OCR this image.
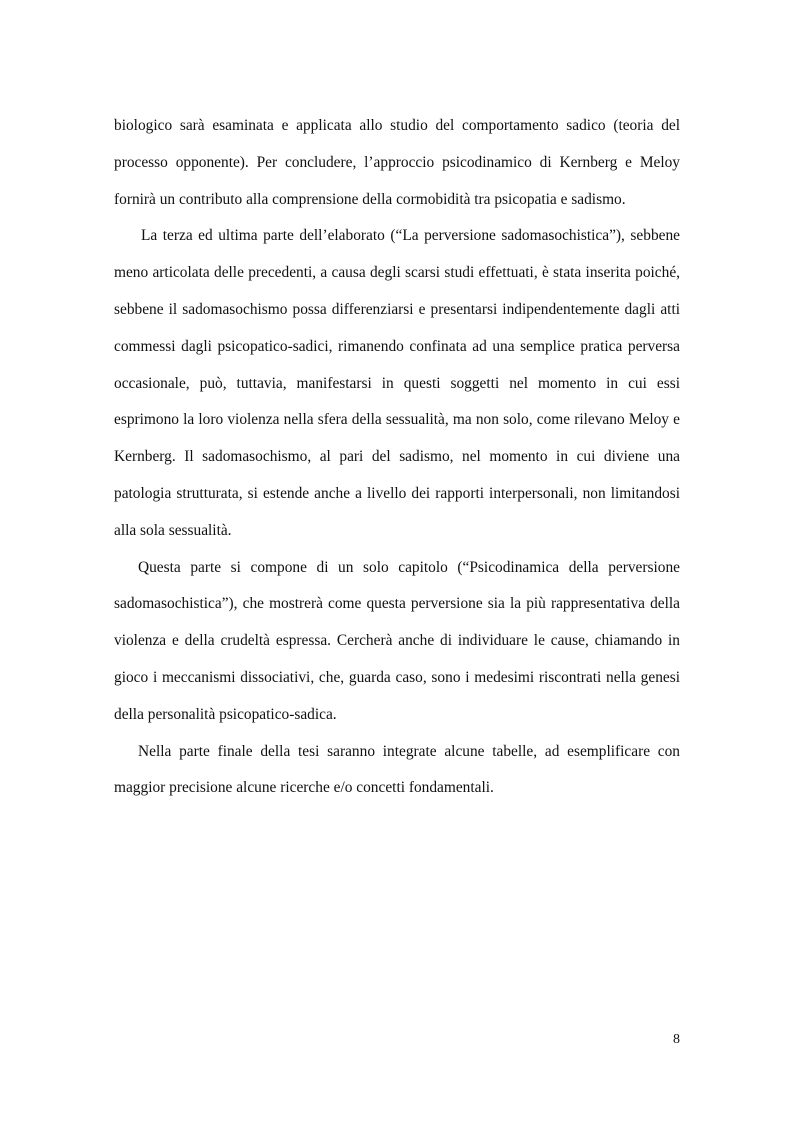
biologico sarà esaminata e applicata allo studio del comportamento sadico (teoria del processo opponente). Per concludere, l’approccio psicodinamico di Kernberg e Meloy fornirà un contributo alla comprensione della cormobidità tra psicopatia e sadismo.

La terza ed ultima parte dell’elaborato (“La perversione sadomasochistica”), sebbene meno articolata delle precedenti, a causa degli scarsi studi effettuati, è stata inserita poiché, sebbene il sadomasochismo possa differenziarsi e presentarsi indipendentemente dagli atti commessi dagli psicopatico-sadici, rimanendo confinata ad una semplice pratica perversa occasionale, può, tuttavia, manifestarsi in questi soggetti nel momento in cui essi esprimono la loro violenza nella sfera della sessualità, ma non solo, come rilevano Meloy e Kernberg. Il sadomasochismo, al pari del sadismo, nel momento in cui diviene una patologia strutturata, si estende anche a livello dei rapporti interpersonali, non limitandosi alla sola sessualità.

Questa parte si compone di un solo capitolo (“Psicodinamica della perversione sadomasochistica”), che mostrerà come questa perversione sia la più rappresentativa della violenza e della crudeltà espressa. Cercherà anche di individuare le cause, chiamando in gioco i meccanismi dissociativi, che, guarda caso, sono i medesimi riscontrati nella genesi della personalità psicopatico-sadica.

Nella parte finale della tesi saranno integrate alcune tabelle, ad esemplificare con maggior precisione alcune ricerche e/o concetti fondamentali.

8
